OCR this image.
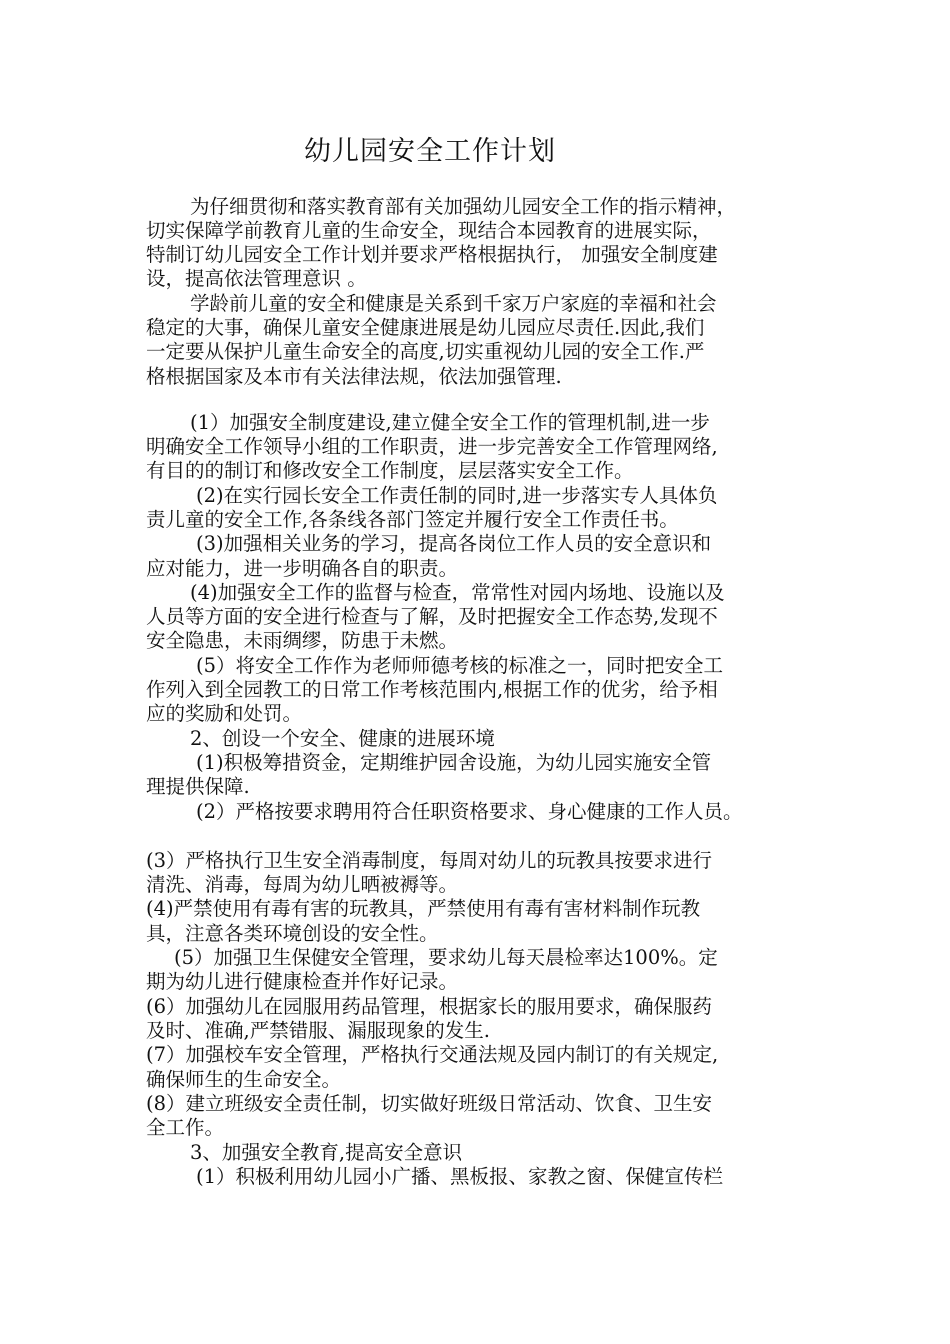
幼儿园安全工作计划
为仔细贯彻和落实教育部有关加强幼儿园安全工作的指示精神，
切实保障学前教育儿童的生命安全，现结合本园教育的进展实际，
特制订幼儿园安全工作计划并要求严格根据执行， 加强安全制度建
设，提高依法管理意识 。
学龄前儿童的安全和健康是关系到千家万户家庭的幸福和社会
稳定的大事，确保儿童安全健康进展是幼儿园应尽责任.因此,我们
一定要从保护儿童生命安全的高度,切实重视幼儿园的安全工作.严
格根据国家及本市有关法律法规，依法加强管理.
(1）加强安全制度建设,建立健全安全工作的管理机制,进一步
明确安全工作领导小组的工作职责，进一步完善安全工作管理网络,
有目的的制订和修改安全工作制度，层层落实安全工作。
(2)在实行园长安全工作责任制的同时,进一步落实专人具体负
责儿童的安全工作,各条线各部门签定并履行安全工作责任书。
(3)加强相关业务的学习，提高各岗位工作人员的安全意识和
应对能力，进一步明确各自的职责。
(4)加强安全工作的监督与检查，常常性对园内场地、设施以及
人员等方面的安全进行检查与了解，及时把握安全工作态势,发现不
安全隐患，未雨绸缪，防患于未燃。
(5）将安全工作作为老师师德考核的标准之一，同时把安全工
作列入到全园教工的日常工作考核范围内,根据工作的优劣，给予相
应的奖励和处罚。
2、创设一个安全、健康的进展环境
(1)积极筹措资金，定期维护园舍设施，为幼儿园实施安全管
理提供保障.
(2）严格按要求聘用符合任职资格要求、身心健康的工作人员。
(3）严格执行卫生安全消毒制度，每周对幼儿的玩教具按要求进行
清洗、消毒，每周为幼儿晒被褥等。
(4)严禁使用有毒有害的玩教具，严禁使用有毒有害材料制作玩教
具，注意各类环境创设的安全性。
(5）加强卫生保健安全管理，要求幼儿每天晨检率达100%。定
期为幼儿进行健康检查并作好记录。
(6）加强幼儿在园服用药品管理，根据家长的服用要求，确保服药
及时、准确,严禁错服、漏服现象的发生.
(7）加强校车安全管理，严格执行交通法规及园内制订的有关规定,
确保师生的生命安全。
(8）建立班级安全责任制，切实做好班级日常活动、饮食、卫生安
全工作。
3、加强安全教育,提高安全意识
(1）积极利用幼儿园小广播、黑板报、家教之窗、保健宣传栏
